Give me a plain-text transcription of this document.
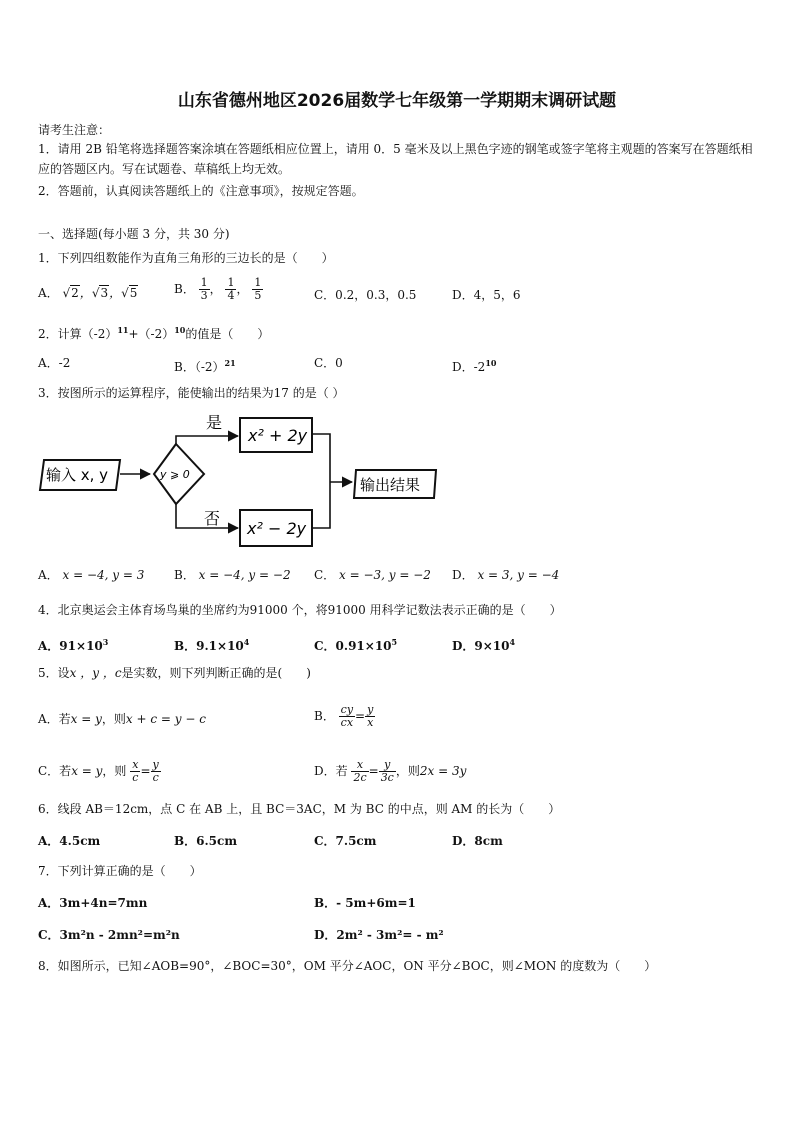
山东省德州地区2026届数学七年级第一学期期末调研试题
请考生注意：
1．请用 2B 铅笔将选择题答案涂填在答题纸相应位置上，请用 0．5 毫米及以上黑色字迹的钢笔或签字笔将主观题的答案写在答题纸相应的答题区内。写在试题卷、草稿纸上均无效。
2．答题前，认真阅读答题纸上的《注意事项》，按规定答题。
一、选择题(每小题 3 分，共 30 分)
1．下列四组数能作为直角三角形的三边长的是（　　）
A． √2，√3，√5	B． $\frac{1}{3}$ ， $\frac{1}{4}$ ， $\frac{1}{5}$	C．0.2，0.3，0.5	D．4，5，6
2．计算$(-2)^{11}+(-2)^{10}$的值是（　　）
A．-2	B．$(-2)^{21}$	C．0	D．$-2^{10}$
3．按图所示的运算程序，能使输出的结果为17 的是（ ）
输入 x, y	y ⩾ 0
是
x² + 2y
否
x² − 2y
输出结果
A． x = −4, y = 3 B． x = −4, y = −2 C． x = −3, y = −2 D． x = 3, y = −4
4．北京奥运会主体育场鸟巢的坐席约为91000 个，将91000 用科学记数法表示正确的是（　　）
A．$91\times 10^3$	B．$9.1\times 10^4$	C．$0.91\times 10^5$	D．$9\times 10^4$
5．设x ，y ，c是实数，则下列判断正确的是(　　)
A．若x = y，则x + c = y − c	B． $\frac{cy}{cx} = \frac{y}{x}$
C．若x = y，则 $\frac{x}{c} = \frac{y}{c}$	D．若 $\frac{x}{2c} = \frac{y}{3c}$ ，则2x = 3y
6．线段 AB＝12cm，点 C 在 AB 上，且 BC＝3AC，M 为 BC 的中点，则 AM 的长为（　　）
A．4.5cm	B．6.5cm	C．7.5cm	D．8cm
7．下列计算正确的是（　　）
A．3m+4n=7mn	B．- 5m+6m=1
C．3m²n - 2mn²=m²n	D．2m² - 3m²= - m²
8．如图所示，已知∠AOB=90°，∠BOC=30°，OM 平分∠AOC，ON 平分∠BOC，则∠MON 的度数为（　　）
